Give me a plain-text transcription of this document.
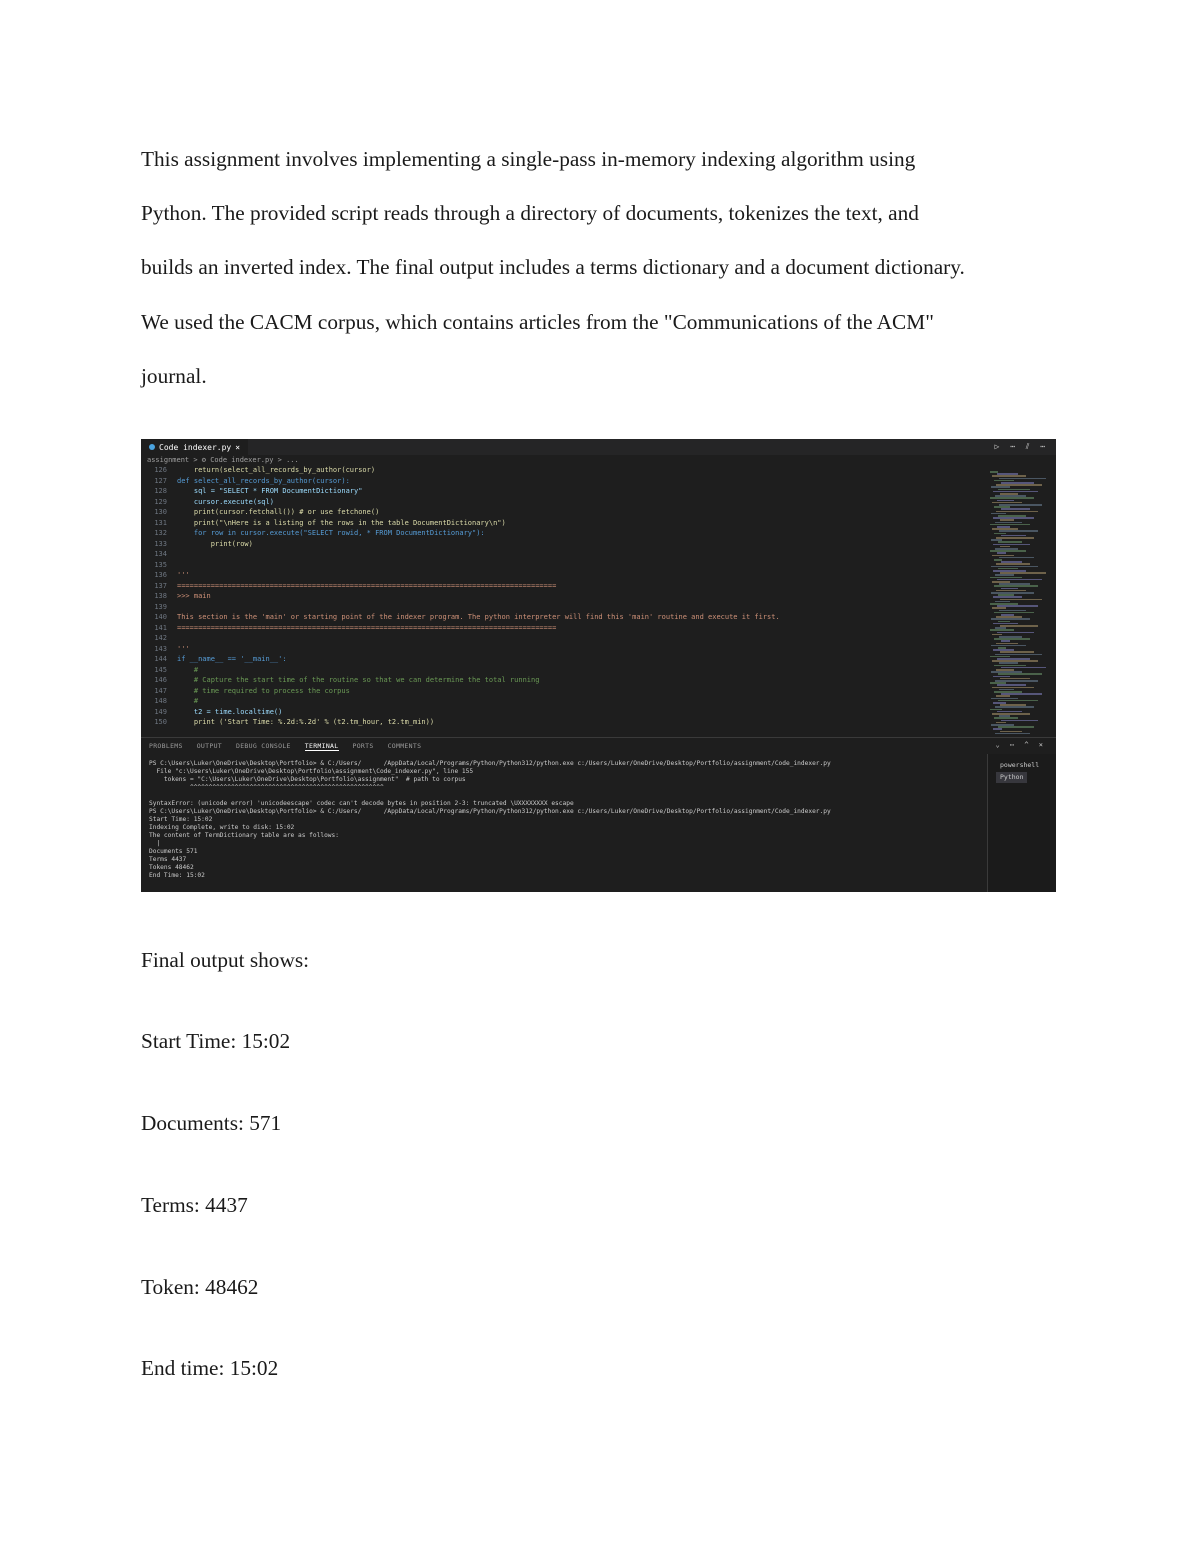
This assignment involves implementing a single-pass in-memory indexing algorithm using
Python. The provided script reads through a directory of documents, tokenizes the text, and
builds an inverted index. The final output includes a terms dictionary and a document dictionary.
We used the CACM corpus, which contains articles from the "Communications of the ACM"
journal.

Code indexer.py ×	▷ ⋯ ⫽ ⋯
assignment > ⚙ Code indexer.py > ...
126
127
128
129
130
131
132
133
134
135
136
137
138
139
140
141
142
143
144
145
146
147
148
149
150
return(select_all_records_by_author(cursor)
def select_all_records_by_author(cursor):
sql = "SELECT * FROM DocumentDictionary"
cursor.execute(sql)
print(cursor.fetchall()) # or use fetchone()
print("\nHere is a listing of the rows in the table DocumentDictionary\n")
for row in cursor.execute("SELECT rowid, * FROM DocumentDictionary"):
print(row)
'''
==========================================================================================
>>> main
This section is the 'main' or starting point of the indexer program. The python interpreter will find this 'main' routine and execute it first.
==========================================================================================
'''
if __name__ == '__main__':
#
# Capture the start time of the routine so that we can determine the total running
# time required to process the corpus
#
t2 = time.localtime()
print ('Start Time: %.2d:%.2d' % (t2.tm_hour, t2.tm_min))
PROBLEMS OUTPUT DEBUG CONSOLE TERMINAL PORTS COMMENTS	⌄ ⋯ ^ ×
PS C:\Users\Luker\OneDrive\Desktop\Portfolio> & C:/Users/      /AppData/Local/Programs/Python/Python312/python.exe c:/Users/Luker/OneDrive/Desktop/Portfolio/assignment/Code_indexer.py
File "c:\Users\Luker\OneDrive\Desktop\Portfolio\assignment\Code_indexer.py", line 155
tokens = "C:\Users\Luker\OneDrive\Desktop\Portfolio\assignment"  # path to corpus
^^^^^^^^^^^^^^^^^^^^^^^^^^^^^^^^^^^^^^^^^^^^^^^^^^^^
SyntaxError: (unicode error) 'unicodeescape' codec can't decode bytes in position 2-3: truncated \UXXXXXXXX escape
PS C:\Users\Luker\OneDrive\Desktop\Portfolio> & C:/Users/      /AppData/Local/Programs/Python/Python312/python.exe c:/Users/Luker/OneDrive/Desktop/Portfolio/assignment/Code_indexer.py
Start Time: 15:02
Indexing Complete, write to disk: 15:02
The content of TermDictionary table are as follows:
|
Documents 571
Terms 4437
Tokens 48462
End Time: 15:02
powershell
Python

Final output shows:

Start Time: 15:02

Documents: 571

Terms: 4437

Token: 48462

End time: 15:02
